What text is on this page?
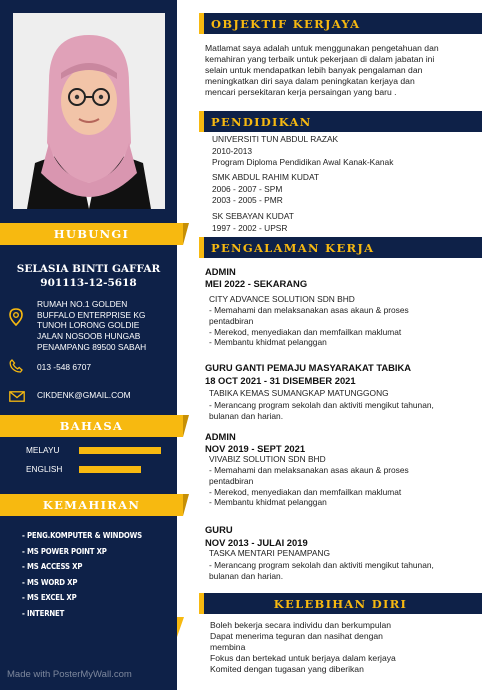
HUBUNGI
SELASIA BINTI GAFFAR
901113-12-5618
RUMAH NO.1 GOLDEN
BUFFALO ENTERPRISE KG
TUNOH LORONG GOLDIE
JALAN NOSOOB HUNGAB
PENAMPANG 89500 SABAH
013 -548 6707
CIKDENK@GMAIL.COM
BAHASA
MELAYU
ENGLISH
KEMAHIRAN
- PENG.KOMPUTER & WINDOWS
- MS POWER POINT XP
- MS ACCESS XP
- MS WORD XP
- MS EXCEL XP
- INTERNET
Made with PosterMyWall.com
OBJEKTIF KERJAYA
Matlamat saya adalah untuk menggunakan pengetahuan dan
kemahiran yang terbaik untuk pekerjaan di dalam jabatan ini
selain untuk mendapatkan lebih banyak pengalaman dan
meningkatkan diri saya dalam peningkatan kerjaya dan
mencari persekitaran kerja persaingan yang baru .
PENDIDIKAN
UNIVERSITI TUN ABDUL RAZAK
2010-2013
Program Diploma Pendidikan Awal Kanak-Kanak
SMK ABDUL RAHIM KUDAT
2006 - 2007 - SPM
2003 - 2005 - PMR
SK SEBAYAN KUDAT
1997 - 2002 - UPSR
PENGALAMAN KERJA
ADMIN
MEI 2022 - SEKARANG
CITY ADVANCE SOLUTION SDN BHD
- Memahami dan melaksanakan asas akaun & proses
pentadbiran
- Merekod, menyediakan dan memfailkan maklumat
- Membantu khidmat pelanggan
GURU GANTI PEMAJU MASYARAKAT TABIKA
18 OCT 2021 - 31 DISEMBER 2021
TABIKA KEMAS SUMANGKAP MATUNGGONG
- Merancang program sekolah dan aktiviti mengikut tahunan,
bulanan dan harian.
ADMIN
NOV 2019 - SEPT 2021
VIVABIZ SOLUTION SDN BHD
- Memahami dan melaksanakan asas akaun & proses
pentadbiran
- Merekod, menyediakan dan memfailkan maklumat
- Membantu khidmat pelanggan
GURU
NOV 2013 - JULAI 2019
TASKA MENTARI PENAMPANG
- Merancang program sekolah dan aktiviti mengikut tahunan,
bulanan dan harian.
KELEBIHAN DIRI
Boleh bekerja secara individu dan berkumpulan
Dapat menerima teguran dan nasihat dengan
membina
Fokus dan bertekad untuk berjaya dalam kerjaya
Komited dengan tugasan yang diberikan
